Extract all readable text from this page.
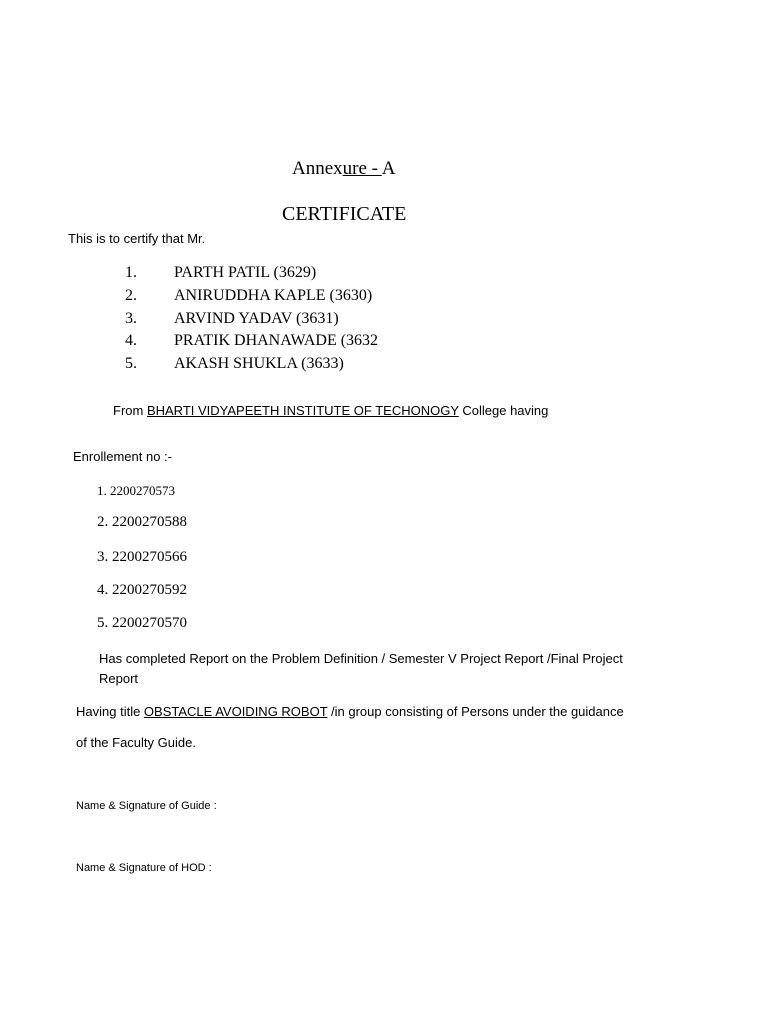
Annexure - A
CERTIFICATE
This is to certify that Mr.
1. PARTH PATIL (3629)
2. ANIRUDDHA KAPLE (3630)
3. ARVIND YADAV (3631)
4. PRATIK DHANAWADE (3632
5. AKASH SHUKLA (3633)
From BHARTI VIDYAPEETH INSTITUTE OF TECHONOGY College having
Enrollement no :-
1. 2200270573
2. 2200270588
3. 2200270566
4. 2200270592
5. 2200270570
Has completed Report on the Problem Definition / Semester V Project Report /Final Project Report
Having title OBSTACLE AVOIDING ROBOT /in group consisting of Persons under the guidance
of the Faculty Guide.
Name & Signature of Guide :
Name & Signature of HOD :
